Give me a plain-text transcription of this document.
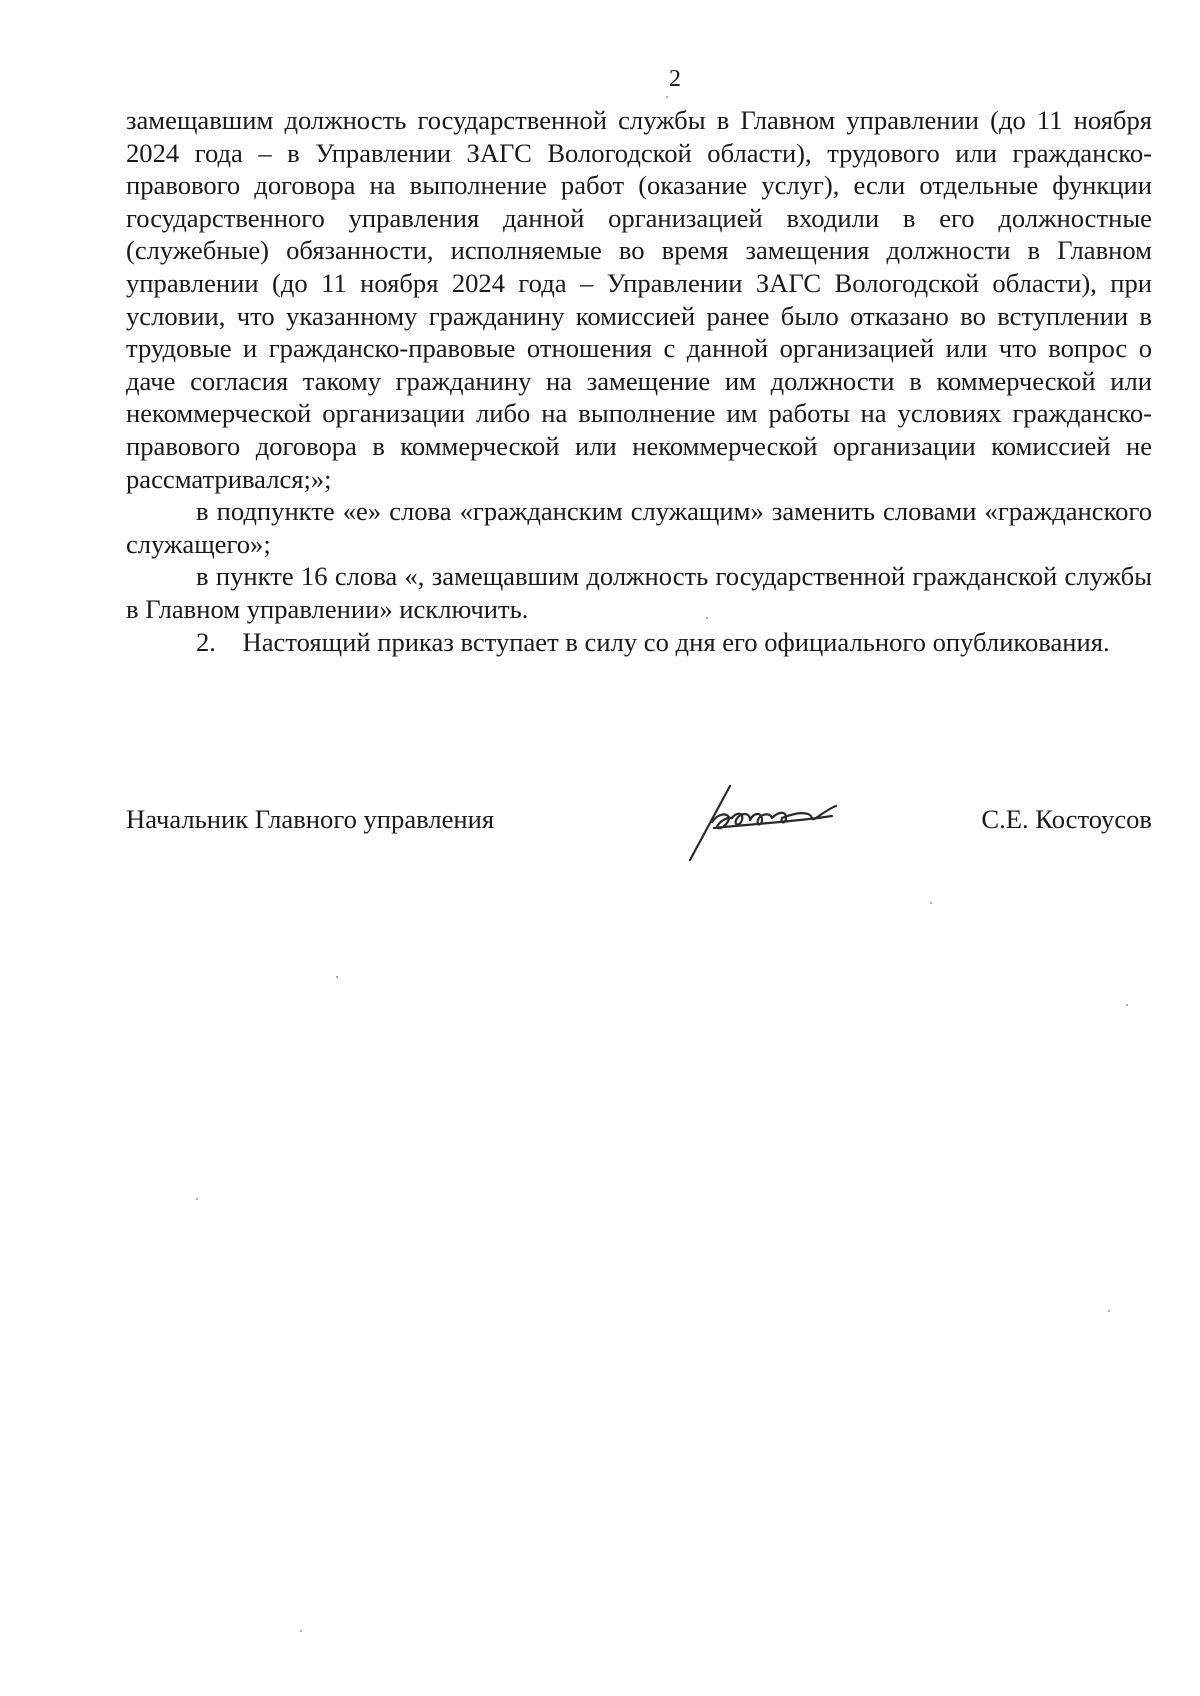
2

замещавшим должность государственной службы в Главном управлении (до 11 ноября 2024 года – в Управлении ЗАГС Вологодской области), трудового или гражданско-правового договора на выполнение работ (оказание услуг), если отдельные функции государственного управления данной организацией входили в его должностные (служебные) обязанности, исполняемые во время замещения должности в Главном управлении (до 11 ноября 2024 года – Управлении ЗАГС Вологодской области), при условии, что указанному гражданину комиссией ранее было отказано во вступлении в трудовые и гражданско-правовые отношения с данной организацией или что вопрос о даче согласия такому гражданину на замещение им должности в коммерческой или некоммерческой организации либо на выполнение им работы на условиях гражданско-правового договора в коммерческой или некоммерческой организации комиссией не рассматривался;»;

в подпункте «е» слова «гражданским служащим» заменить словами «гражданского служащего»;

в пункте 16 слова «, замещавшим должность государственной гражданской службы в Главном управлении» исключить.

2. Настоящий приказ вступает в силу со дня его официального опубликования.

Начальник Главного управления	С.Е. Костоусов
